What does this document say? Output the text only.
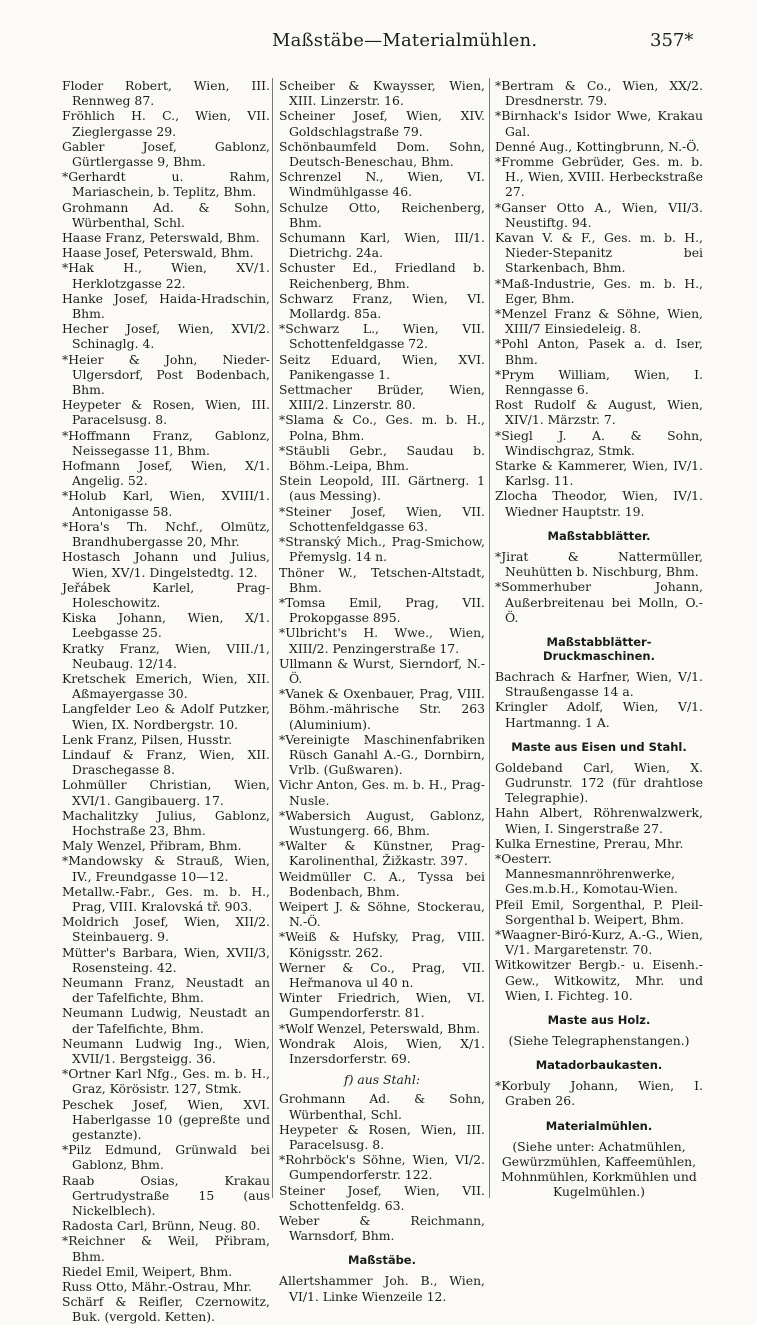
Maßstäbe—Materialmühlen.	357*

Floder Robert, Wien, III. Rennweg 87.

Fröhlich H. C., Wien, VII. Zieglergasse 29.

Gabler Josef, Gablonz, Gürtlergasse 9, Bhm.

*Gerhardt u. Rahm, Mariaschein, b. Teplitz, Bhm.

Grohmann Ad. & Sohn, Würbenthal, Schl.

Haase Franz, Peterswald, Bhm.

Haase Josef, Peterswald, Bhm.

*Hak H., Wien, XV/1. Herklotzgasse 22.

Hanke Josef, Haida-Hradschin, Bhm.

Hecher Josef, Wien, XVI/2. Schinaglg. 4.

*Heier & John, Nieder-Ulgersdorf, Post Bodenbach, Bhm.

Heypeter & Rosen, Wien, III. Paracelsusg. 8.

*Hoffmann Franz, Gablonz, Neissegasse 11, Bhm.

Hofmann Josef, Wien, X/1. Angelig. 52.

*Holub Karl, Wien, XVIII/1. Antonigasse 58.

*Hora's Th. Nchf., Olmütz, Brandhubergasse 20, Mhr.

Hostasch Johann und Julius, Wien, XV/1. Dingelstedtg. 12.

Jeřábek Karlel, Prag-Holeschowitz.

Kiska Johann, Wien, X/1. Leebgasse 25.

Kratky Franz, Wien, VIII./1, Neubaug. 12/14.

Kretschek Emerich, Wien, XII. Aßmayergasse 30.

Langfelder Leo & Adolf Putzker, Wien, IX. Nordbergstr. 10.

Lenk Franz, Pilsen, Husstr.

Lindauf & Franz, Wien, XII. Draschegasse 8.

Lohmüller Christian, Wien, XVI/1. Gangibauerg. 17.

Machalitzky Julius, Gablonz, Hochstraße 23, Bhm.

Maly Wenzel, Přibram, Bhm.

*Mandowsky & Strauß, Wien, IV., Freundgasse 10—12.

Metallw.-Fabr., Ges. m. b. H., Prag, VIII. Kralovská tř. 903.

Moldrich Josef, Wien, XII/2. Steinbauerg. 9.

Mütter's Barbara, Wien, XVII/3, Rosensteing. 42.

Neumann Franz, Neustadt an der Tafelfichte, Bhm.

Neumann Ludwig, Neustadt an der Tafelfichte, Bhm.

Neumann Ludwig Ing., Wien, XVII/1. Bergsteigg. 36.

*Ortner Karl Nfg., Ges. m. b. H., Graz, Körösistr. 127, Stmk.

Peschek Josef, Wien, XVI. Haberlgasse 10 (gepreßte und gestanzte).

*Pilz Edmund, Grünwald bei Gablonz, Bhm.

Raab Osias, Krakau Gertrudystraße 15 (aus Nickelblech).

Radosta Carl, Brünn, Neug. 80.

*Reichner & Weil, Přibram, Bhm.

Riedel Emil, Weipert, Bhm.

Russ Otto, Mähr.-Ostrau, Mhr.

Schärf & Reifler, Czernowitz, Buk. (vergold. Ketten).

Scheiber & Kwaysser, Wien, XIII. Linzerstr. 16.

Scheiner Josef, Wien, XIV. Goldschlagstraße 79.

Schönbaumfeld Dom. Sohn, Deutsch-Beneschau, Bhm.

Schrenzel N., Wien, VI. Windmühlgasse 46.

Schulze Otto, Reichenberg, Bhm.

Schumann Karl, Wien, III/1. Dietrichg. 24a.

Schuster Ed., Friedland b. Reichenberg, Bhm.

Schwarz Franz, Wien, VI. Mollardg. 85a.

*Schwarz L., Wien, VII. Schottenfeldgasse 72.

Seitz Eduard, Wien, XVI. Panikengasse 1.

Settmacher Brüder, Wien, XIII/2. Linzerstr. 80.

*Slama & Co., Ges. m. b. H., Polna, Bhm.

*Stäubli Gebr., Saudau b. Böhm.-Leipa, Bhm.

Stein Leopold, III. Gärtnerg. 1 (aus Messing).

*Steiner Josef, Wien, VII. Schottenfeldgasse 63.

*Stranský Mich., Prag-Smichow, Přemyslg. 14 n.

Thöner W., Tetschen-Altstadt, Bhm.

*Tomsa Emil, Prag, VII. Prokopgasse 895.

*Ulbricht's H. Wwe., Wien, XIII/2. Penzingerstraße 17.

Ullmann & Wurst, Sierndorf, N.-Ö.

*Vanek & Oxenbauer, Prag, VIII. Böhm.-mährische Str. 263 (Aluminium).

*Vereinigte Maschinenfabriken Rüsch Ganahl A.-G., Dornbirn, Vrlb. (Gußwaren).

Vichr Anton, Ges. m. b. H., Prag-Nusle.

*Wabersich August, Gablonz, Wustungerg. 66, Bhm.

*Walter & Künstner, Prag-Karolinenthal, Žižkastr. 397.

Weidmüller C. A., Tyssa bei Bodenbach, Bhm.

Weipert J. & Söhne, Stockerau, N.-Ö.

*Weiß & Hufsky, Prag, VIII. Königsstr. 262.

Werner & Co., Prag, VII. Heřmanova ul 40 n.

Winter Friedrich, Wien, VI. Gumpendorferstr. 81.

*Wolf Wenzel, Peterswald, Bhm.

Wondrak Alois, Wien, X/1. Inzersdorferstr. 69.

f) aus Stahl:

Grohmann Ad. & Sohn, Würbenthal, Schl.

Heypeter & Rosen, Wien, III. Paracelsusg. 8.

*Rohrböck's Söhne, Wien, VI/2. Gumpendorferstr. 122.

Steiner Josef, Wien, VII. Schottenfeldg. 63.

Weber & Reichmann, Warnsdorf, Bhm.

Maßstäbe.

Allertshammer Joh. B., Wien, VI/1. Linke Wienzeile 12.

*Bertram & Co., Wien, XX/2. Dresdnerstr. 79.

*Birnhack's Isidor Wwe, Krakau Gal.

Denné Aug., Kottingbrunn, N.-Ö.

*Fromme Gebrüder, Ges. m. b. H., Wien, XVIII. Herbeckstraße 27.

*Ganser Otto A., Wien, VII/3. Neustiftg. 94.

Kavan V. & F., Ges. m. b. H., Nieder-Stepanitz bei Starkenbach, Bhm.

*Maß-Industrie, Ges. m. b. H., Eger, Bhm.

*Menzel Franz & Söhne, Wien, XIII/7 Einsiedeleig. 8.

*Pohl Anton, Pasek a. d. Iser, Bhm.

*Prym William, Wien, I. Renngasse 6.

Rost Rudolf & August, Wien, XIV/1. Märzstr. 7.

*Siegl J. A. & Sohn, Windischgraz, Stmk.

Starke & Kammerer, Wien, IV/1. Karlsg. 11.

Zlocha Theodor, Wien, IV/1. Wiedner Hauptstr. 19.

Maßstabblätter.

*Jirat & Nattermüller, Neuhütten b. Nischburg, Bhm.

*Sommerhuber Johann, Außerbreitenau bei Molln, O.-Ö.

Maßstabblätter-Druckmaschinen.

Bachrach & Harfner, Wien, V/1. Straußengasse 14 a.

Kringler Adolf, Wien, V/1. Hartmanng. 1 A.

Maste aus Eisen und Stahl.

Goldeband Carl, Wien, X. Gudrunstr. 172 (für drahtlose Telegraphie).

Hahn Albert, Röhrenwalzwerk, Wien, I. Singerstraße 27.

Kulka Ernestine, Prerau, Mhr.

*Oesterr. Mannesmannröhrenwerke, Ges.m.b.H., Komotau-Wien.

Pfeil Emil, Sorgenthal, P. Pleil-Sorgenthal b. Weipert, Bhm.

*Waagner-Biró-Kurz, A.-G., Wien, V/1. Margaretenstr. 70.

Witkowitzer Bergb.- u. Eisenh.-Gew., Witkowitz, Mhr. und Wien, I. Fichteg. 10.

Maste aus Holz.
(Siehe Telegraphenstangen.)
Matadorbaukasten.

*Korbuly Johann, Wien, I. Graben 26.

Materialmühlen.
(Siehe unter: Achatmühlen, Gewürzmühlen, Kaffeemühlen, Mohnmühlen, Korkmühlen und Kugelmühlen.)
